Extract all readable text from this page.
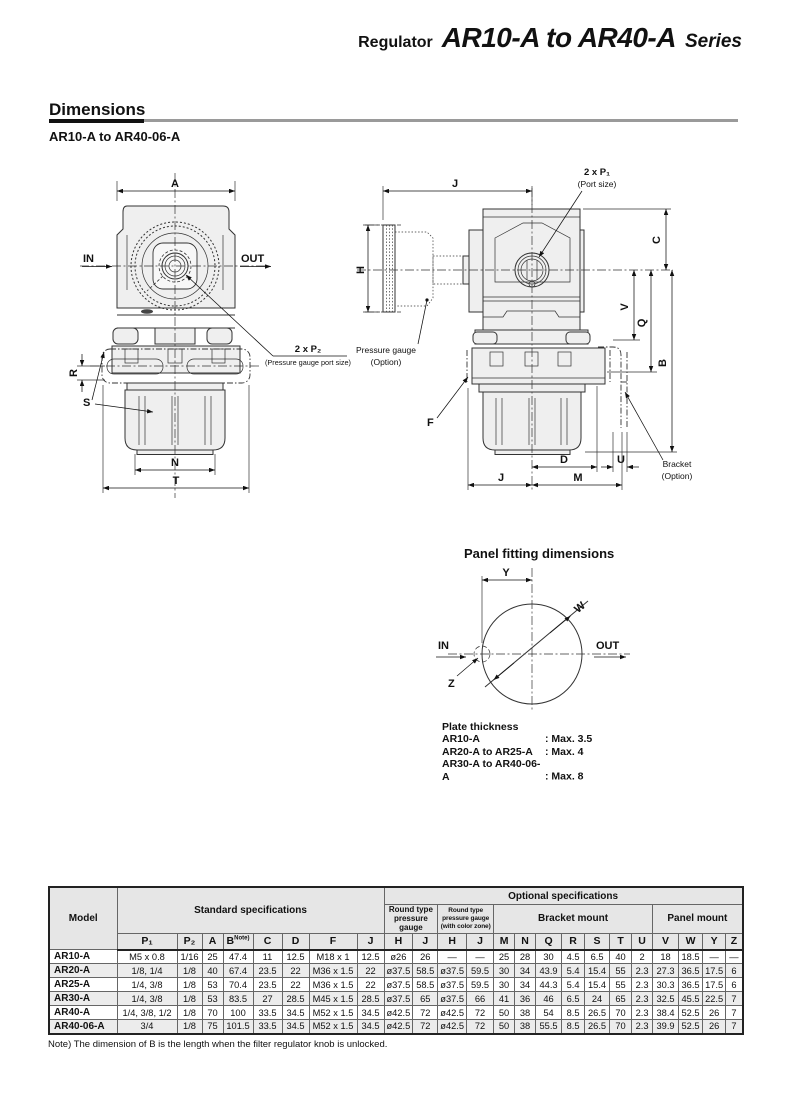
Regulator AR10-A to AR40-A Series
Dimensions
AR10-A to AR40-06-A
A
IN	OUT
2 x P₂
(Pressure gauge port size)
R
S
N
T
J
2 x P₁
(Port size)
Pressure gauge
(Option)
H
C
V
Q
B
F
D	U
J	M
Bracket
(Option)
Panel fitting dimensions
Y
W
Z
IN	OUT
Plate thickness
AR10-A	: Max. 3.5
AR20-A to AR25-A : Max. 4
AR30-A to AR40-06-A	: Max. 8
Model	Standard specifications								Optional specifications														
									Round type pressure gauge		Round type pressure gauge (with color zone)		Bracket mount							Panel mount			
	P₁	P₂	A	$B^{Note)}$	C	D	F	J	H	J	H	J	M	N	Q	R	S	T	U	V	W	Y	Z
AR10-A	M5 x 0.8	1/16	25	47.4	11	12.5	M18 x 1	12.5	ø26	26	—	—	25	28	30	4.5	6.5	40	2	18	18.5	—	—
AR20-A	1/8, 1/4	1/8	40	67.4	23.5	22	M36 x 1.5	22	ø37.5	58.5	ø37.5	59.5	30	34	43.9	5.4	15.4	55	2.3	27.3	36.5	17.5	6
AR25-A	1/4, 3/8	1/8	53	70.4	23.5	22	M36 x 1.5	22	ø37.5	58.5	ø37.5	59.5	30	34	44.3	5.4	15.4	55	2.3	30.3	36.5	17.5	6
AR30-A	1/4, 3/8	1/8	53	83.5	27	28.5	M45 x 1.5	28.5	ø37.5	65	ø37.5	66	41	36	46	6.5	24	65	2.3	32.5	45.5	22.5	7
AR40-A	1/4, 3/8, 1/2	1/8	70	100	33.5	34.5	M52 x 1.5	34.5	ø42.5	72	ø42.5	72	50	38	54	8.5	26.5	70	2.3	38.4	52.5	26	7
AR40-06-A	3/4	1/8	75	101.5	33.5	34.5	M52 x 1.5	34.5	ø42.5	72	ø42.5	72	50	38	55.5	8.5	26.5	70	2.3	39.9	52.5	26	7
Note) The dimension of B is the length when the filter regulator knob is unlocked.
